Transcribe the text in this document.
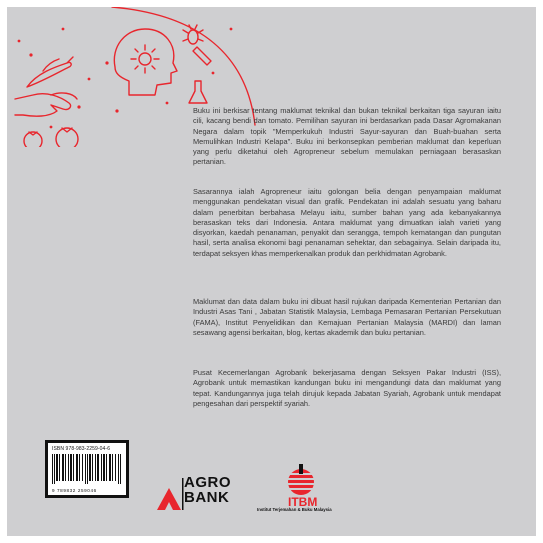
Buku ini berkisar tentang maklumat teknikal dan bukan teknikal berkaitan tiga sayuran iaitu cili, kacang bendi dan tomato. Pemilihan sayuran ini berdasarkan pada Dasar Agromakanan Negara dalam topik "Memperkukuh Industri Sayur-sayuran dan Buah-buahan serta Memulihkan Industri Kelapa". Buku ini berkonsepkan pemberian maklumat dan keperluan yang perlu diketahui oleh Agropreneur sebelum memulakan perniagaan berasaskan pertanian.

Sasarannya ialah Agropreneur iaitu golongan belia dengan penyampaian maklumat menggunakan pendekatan visual dan grafik. Pendekatan ini adalah sesuatu yang baharu dalam penerbitan berbahasa Melayu iaitu, sumber bahan yang ada kebanyakannya berasaskan teks dari Indonesia. Antara maklumat yang dimuatkan ialah varieti yang disyorkan, kaedah penanaman, penyakit dan serangga, tempoh kematangan dan pungutan hasil, serta analisa ekonomi bagi penanaman sehektar, dan sebagainya. Selain daripada itu, terdapat seksyen khas memperkenalkan produk dan perkhidmatan Agrobank.

Maklumat dan data dalam buku ini dibuat hasil rujukan daripada Kementerian Pertanian dan Industri Asas Tani , Jabatan Statistik Malaysia, Lembaga Pemasaran Pertanian Persekutuan (FAMA), Institut Penyelidikan dan Kemajuan Pertanian Malaysia (MARDI) dan laman sesawang agensi berkaitan, blog, kertas akademik dan buku pertanian.

Pusat Kecemerlangan Agrobank bekerjasama dengan Seksyen Pakar Industri (ISS), Agrobank untuk memastikan kandungan buku ini mengandungi data dan maklumat yang tepat. Kandungannya juga telah dirujuk kepada Jabatan Syariah, Agrobank untuk mendapat pengesahan dari perspektif syariah.

ISBN 978-983-2259-04-6
9 789832 259046	AGRO
BANK	ITBM
Institut Terjemahan & Buku Malaysia
